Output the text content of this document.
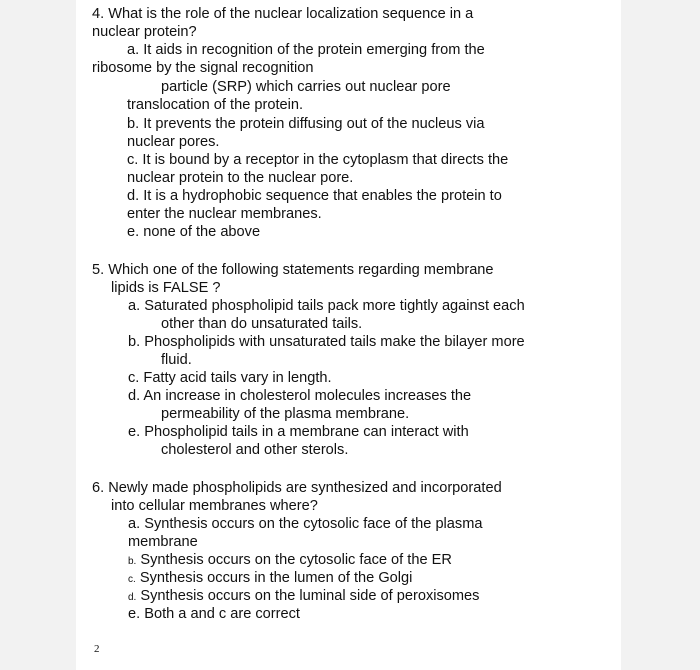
4. What is the role of the nuclear localization sequence in a
nuclear protein?
a. It aids in recognition of the protein emerging from the
ribosome by the signal recognition
particle (SRP) which carries out nuclear pore
translocation of the protein.
b. It prevents the protein diffusing out of the nucleus via
nuclear pores.
c. It is bound by a receptor in the cytoplasm that directs the
nuclear protein to the nuclear pore.
d. It is a hydrophobic sequence that enables the protein to
enter the nuclear membranes.
e. none of the above
5. Which one of the following statements regarding membrane
lipids is FALSE ?
a. Saturated phospholipid tails pack more tightly against each
other than do unsaturated tails.
b. Phospholipids with unsaturated tails make the bilayer more
fluid.
c. Fatty acid tails vary in length.
d. An increase in cholesterol molecules increases the
permeability of the plasma membrane.
e. Phospholipid tails in a membrane can interact with
cholesterol and other sterols.
6. Newly made phospholipids are synthesized and incorporated
into cellular membranes where?
a. Synthesis occurs on the cytosolic face of the plasma
membrane
b. Synthesis occurs on the cytosolic face of the ER
c. Synthesis occurs in the lumen of the Golgi
d. Synthesis occurs on the luminal side of peroxisomes
e. Both a and c are correct
2
